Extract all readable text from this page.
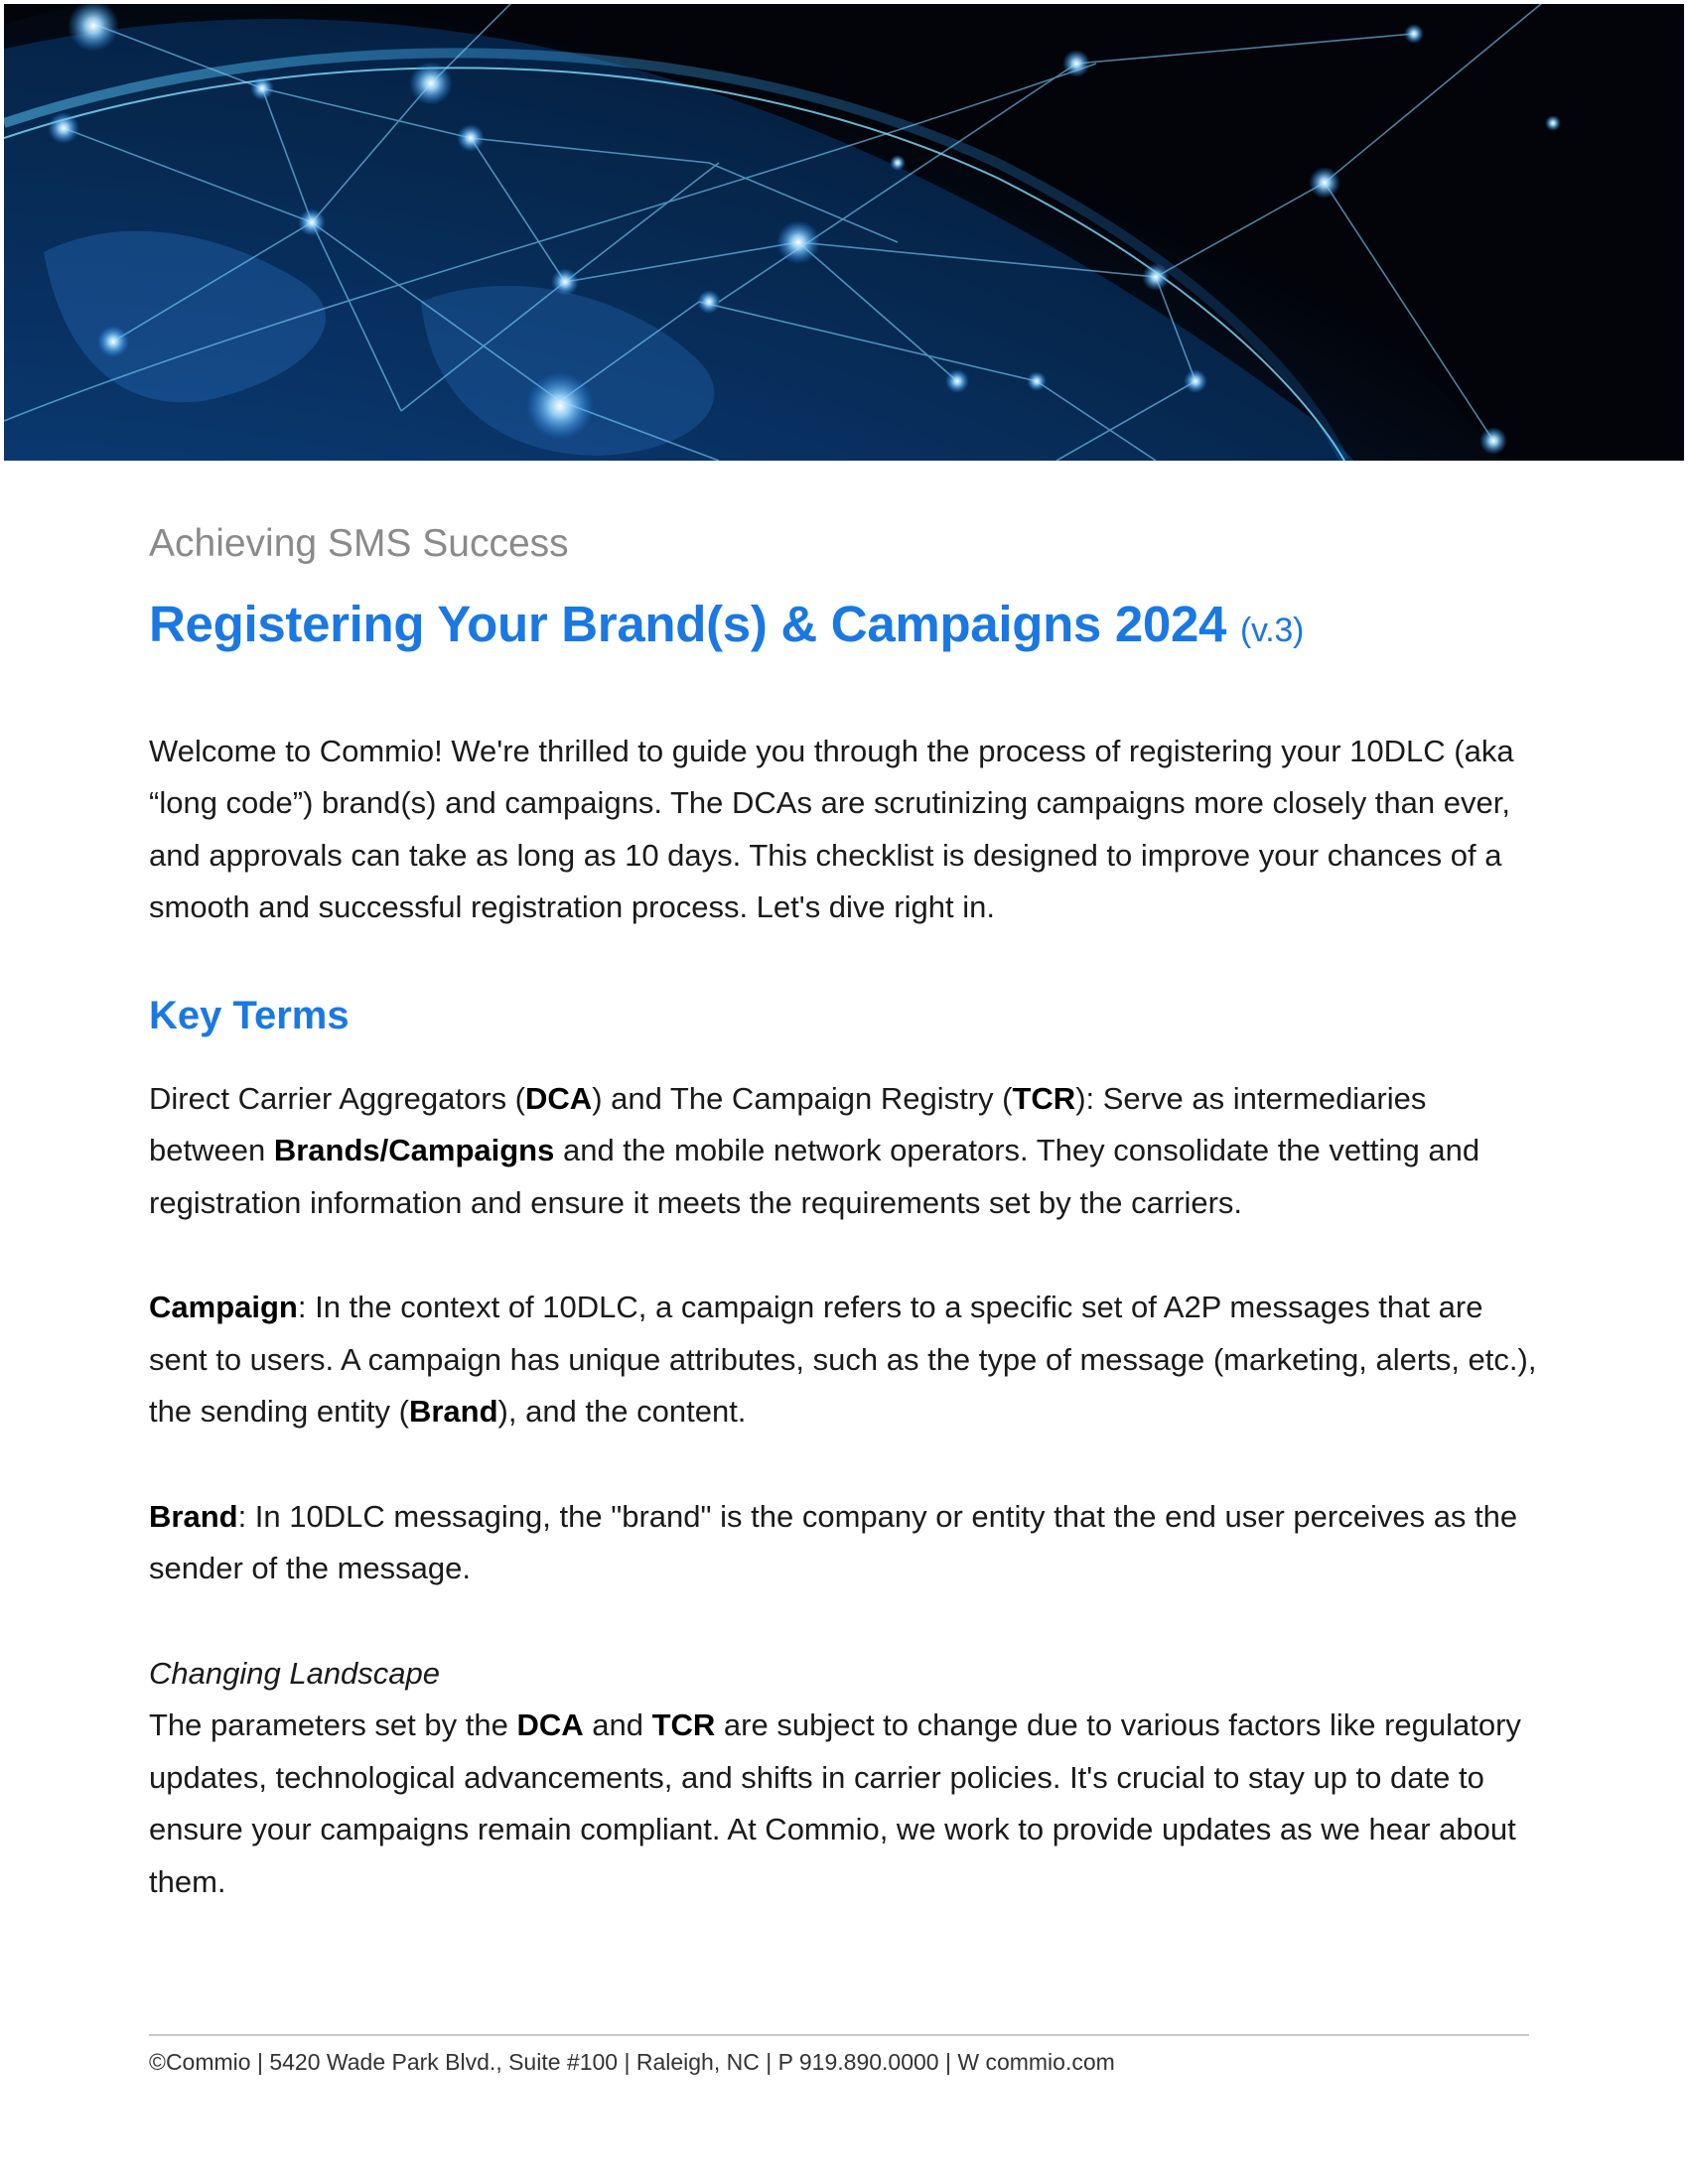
Achieving SMS Success
Registering Your Brand(s) & Campaigns 2024 (v.3)

Welcome to Commio! We're thrilled to guide you through the process of registering your 10DLC (aka “long code”) brand(s) and campaigns. The DCAs are scrutinizing campaigns more closely than ever, and approvals can take as long as 10 days. This checklist is designed to improve your chances of a smooth and successful registration process. Let's dive right in.

Key Terms

Direct Carrier Aggregators (DCA) and The Campaign Registry (TCR): Serve as intermediaries between Brands/Campaigns and the mobile network operators. They consolidate the vetting and registration information and ensure it meets the requirements set by the carriers.

Campaign: In the context of 10DLC, a campaign refers to a specific set of A2P messages that are sent to users. A campaign has unique attributes, such as the type of message (marketing, alerts, etc.), the sending entity (Brand), and the content.

Brand: In 10DLC messaging, the "brand" is the company or entity that the end user perceives as the sender of the message.

Changing Landscape

The parameters set by the DCA and TCR are subject to change due to various factors like regulatory updates, technological advancements, and shifts in carrier policies. It's crucial to stay up to date to ensure your campaigns remain compliant. At Commio, we work to provide updates as we hear about them.

©Commio | 5420 Wade Park Blvd., Suite #100 | Raleigh, NC | P 919.890.0000 | W commio.com
